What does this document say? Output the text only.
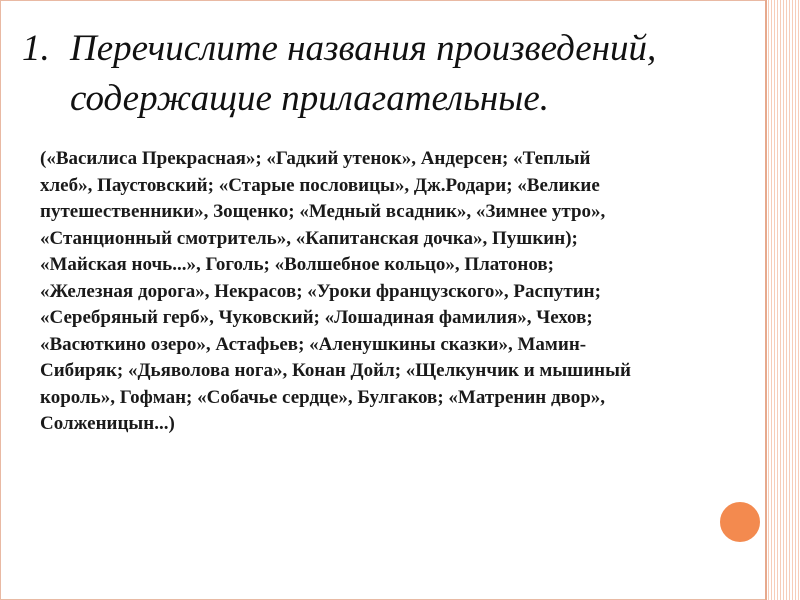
1. Перечислите названия произведений,
содержащие прилагательные.
(«Василиса Прекрасная»; «Гадкий утенок», Андерсен; «Теплый
хлеб», Паустовский; «Старые пословицы», Дж.Родари; «Великие
путешественники», Зощенко; «Медный всадник», «Зимнее утро»,
«Станционный смотритель», «Капитанская дочка», Пушкин);
«Майская ночь...», Гоголь; «Волшебное кольцо», Платонов;
«Железная дорога», Некрасов; «Уроки французского», Распутин;
«Серебряный герб», Чуковский; «Лошадиная фамилия», Чехов;
«Васюткино озеро», Астафьев; «Аленушкины сказки», Мамин-
Сибиряк; «Дьяволова нога», Конан Дойл; «Щелкунчик и мышиный
король», Гофман; «Собачье сердце», Булгаков; «Матренин двор»,
Солженицын...)
